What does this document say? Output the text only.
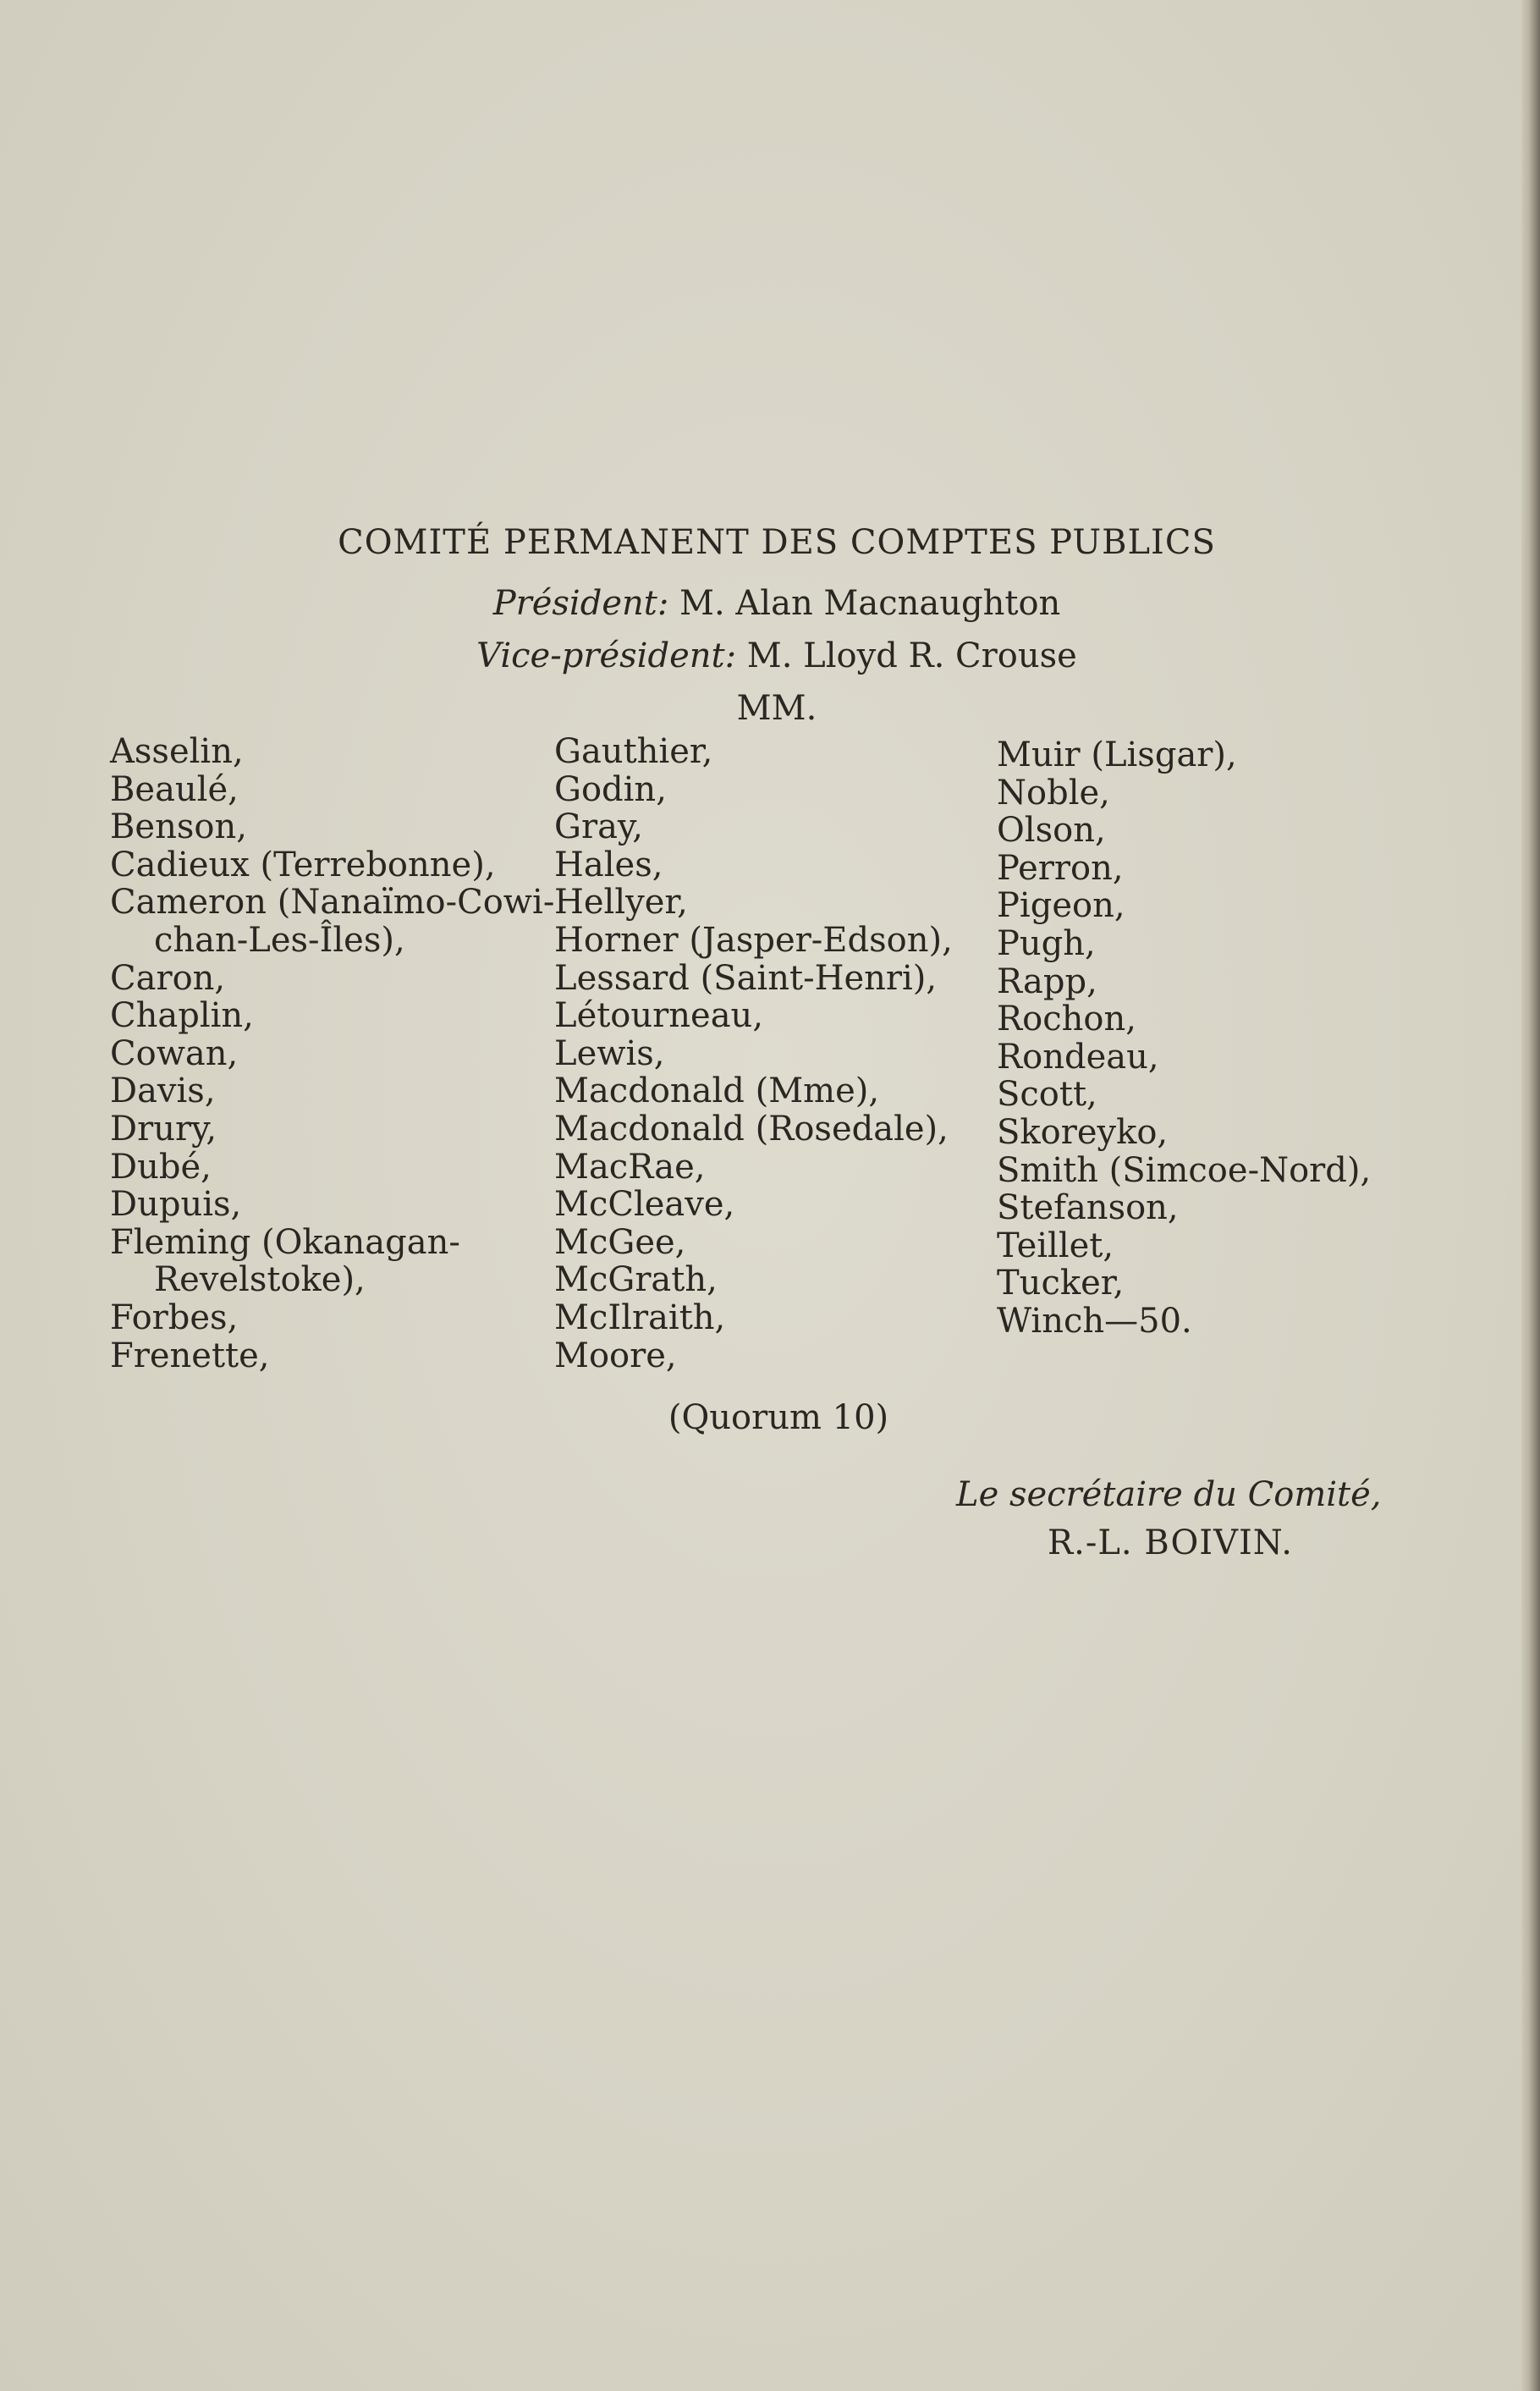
COMITÉ PERMANENT DES COMPTES PUBLICS
Président: M. Alan Macnaughton
Vice-président: M. Lloyd R. Crouse
MM.
Asselin,
Beaulé,
Benson,
Cadieux (Terrebonne),
Cameron (Nanaïmo-Cowi-
chan-Les-Îles),
Caron,
Chaplin,
Cowan,
Davis,
Drury,
Dubé,
Dupuis,
Fleming (Okanagan-
Revelstoke),
Forbes,
Frenette,
Gauthier,
Godin,
Gray,
Hales,
Hellyer,
Horner (Jasper-Edson),
Lessard (Saint-Henri),
Létourneau,
Lewis,
Macdonald (Mme),
Macdonald (Rosedale),
MacRae,
McCleave,
McGee,
McGrath,
McIlraith,
Moore,
Muir (Lisgar),
Noble,
Olson,
Perron,
Pigeon,
Pugh,
Rapp,
Rochon,
Rondeau,
Scott,
Skoreyko,
Smith (Simcoe-Nord),
Stefanson,
Teillet,
Tucker,
Winch—50.
(Quorum 10)
Le secrétaire du Comité,
R.-L. BOIVIN.
